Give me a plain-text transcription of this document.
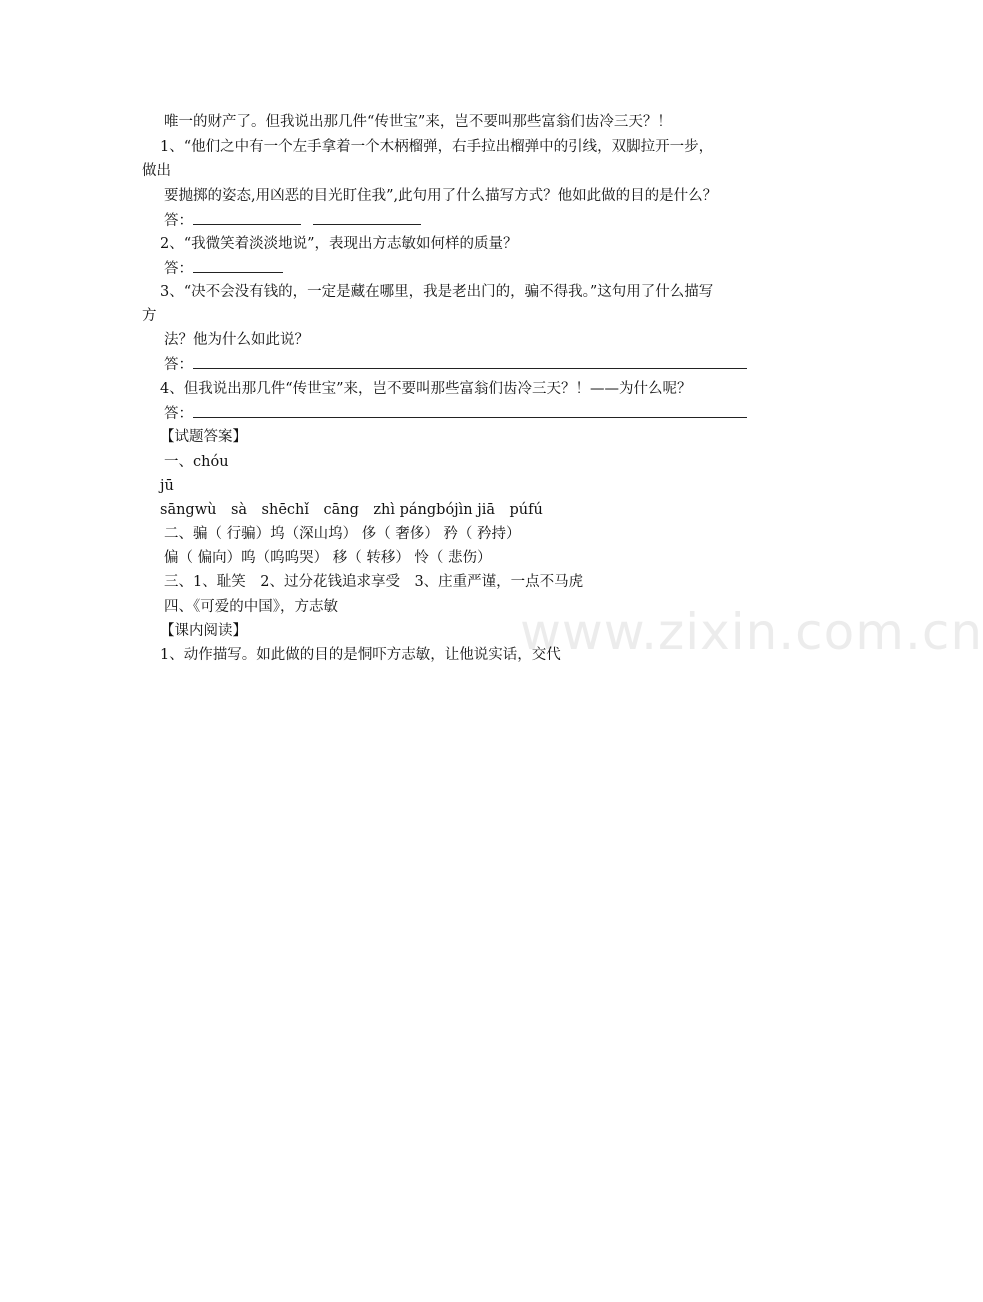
www.zixin.com.cn
唯一的财产了。但我说出那几件“传世宝”来，岂不要叫那些富翁们齿冷三天？！
1、“他们之中有一个左手拿着一个木柄榴弹，右手拉出榴弹中的引线，双脚拉开一步，
做出
要抛掷的姿态,用凶恶的目光盯住我”,此句用了什么描写方式？他如此做的目的是什么？
答：
2、“我微笑着淡淡地说”，表现出方志敏如何样的质量？
答：
3、“决不会没有钱的，一定是藏在哪里，我是老出门的，骗不得我。”这句用了什么描写
方
法？他为什么如此说？
答：
4、但我说出那几件“传世宝”来，岂不要叫那些富翁们齿冷三天？！——为什么呢？
答：
【试题答案】
一、chóu
jū
sāngwù　sà　shēchǐ　cāng　zhì pángbójìn jiā　púfú
二、骗（ 行骗）坞（深山坞） 侈（ 奢侈） 矜（ 矜持）
偏（ 偏向）呜（呜呜哭） 移（ 转移） 怜（ 悲伤）
三、1、耻笑　2、过分花钱追求享受　3、庄重严谨，一点不马虎
四、《可爱的中国》，方志敏
【课内阅读】
1、动作描写。如此做的目的是恫吓方志敏，让他说实话，交代
